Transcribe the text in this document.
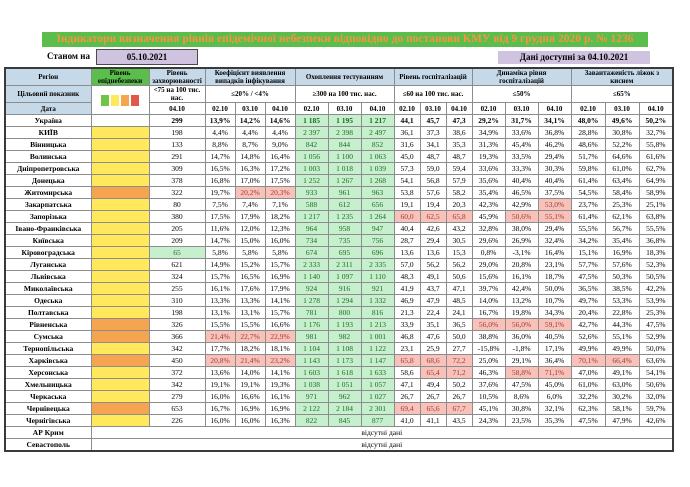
Індикатори визначення рівнів епідемічної небезпеки відповідно до постанови КМУ від 9 грудня 2020 р. № 1236
Станом на	05.10.2021	Дані доступні за 04.10.2021
Регіон	Рівень епіднебезпеки	Рівень захворюваності	Коефіцієнт виявлення випадків інфікування			Охоплення тестуванням			Рівень госпіталізацій			Динаміка рівня госпіталізацій			Завантаженість ліжок з киснем		
Цільовий показник		<75 на 100 тис. нас.	≤20% / <4%			≥300 на 100 тис. нас.			≤60 на 100 тис. нас.			≤50%			≤65%		
Дата		04.10	02.10	03.10	04.10	02.10	03.10	04.10	02.10	03.10	04.10	02.10	03.10	04.10	02.10	03.10	04.10
Україна		299	13,9%	14,2%	14,6%	1 185	1 195	1 217	44,1	45,7	47,3	29,2%	31,7%	34,1%	48,0%	49,6%	50,2%
КИЇВ		198	4,4%	4,4%	4,4%	2 397	2 398	2 497	36,1	37,3	38,6	34,9%	33,6%	36,8%	28,8%	30,8%	32,7%
Вінницька		133	8,8%	8,7%	9,0%	842	844	852	31,6	34,1	35,3	31,3%	45,4%	46,2%	48,6%	52,2%	55,8%
Волинська		291	14,7%	14,8%	16,4%	1 056	1 100	1 063	45,0	48,7	48,7	19,3%	33,5%	29,4%	51,7%	64,6%	61,6%
Дніпропетровська		309	16,5%	16,3%	17,2%	1 003	1 018	1 039	57,3	59,0	59,4	33,6%	33,3%	30,3%	59,8%	61,0%	62,7%
Донецька		378	16,8%	17,0%	17,5%	1 252	1 267	1 268	54,1	56,8	57,9	35,6%	40,4%	40,4%	61,4%	63,4%	64,9%
Житомирська		322	19,7%	20,2%	20,3%	933	961	963	53,8	57,6	58,2	35,4%	46,5%	37,5%	54,5%	58,4%	58,9%
Закарпатська		80	7,5%	7,4%	7,1%	588	612	656	19,1	19,4	20,3	42,3%	42,9%	53,0%	23,7%	25,3%	25,1%
Запорізька		380	17,5%	17,9%	18,2%	1 217	1 235	1 264	60,0	62,5	65,8	45,9%	50,6%	55,1%	61,4%	62,1%	63,8%
Івано-Франківська		205	11,6%	12,0%	12,3%	964	958	947	40,4	42,6	43,2	32,8%	38,0%	29,4%	55,5%	56,7%	55,5%
Київська		209	14,7%	15,0%	16,0%	734	735	756	28,7	29,4	30,5	29,6%	26,9%	32,4%	34,2%	35,4%	36,8%
Кіровоградська		65	5,8%	5,8%	5,8%	674	695	696	13,6	13,6	15,3	0,8%	-3,1%	16,4%	15,1%	16,9%	18,3%
Луганська		621	14,9%	15,2%	15,7%	2 333	2 311	2 335	57,0	56,2	56,2	29,0%	20,8%	23,1%	57,7%	57,6%	52,3%
Львівська		324	15,7%	16,5%	16,9%	1 140	1 097	1 110	48,3	49,1	50,6	15,6%	16,1%	18,7%	47,5%	50,3%	50,5%
Миколаївська		255	16,1%	17,6%	17,9%	924	916	921	41,9	43,7	47,1	39,7%	42,4%	50,0%	36,5%	38,5%	42,2%
Одеська		310	13,3%	13,3%	14,1%	1 278	1 294	1 332	46,9	47,9	48,5	14,0%	13,2%	10,7%	49,7%	53,3%	53,9%
Полтавська		198	13,1%	13,1%	15,7%	781	800	816	21,3	22,4	24,1	16,7%	19,8%	34,3%	20,4%	22,8%	25,3%
Рівненська		326	15,5%	15,5%	16,6%	1 176	1 193	1 213	33,9	35,1	36,5	56,0%	56,0%	59,1%	42,7%	44,3%	47,5%
Сумська		366	21,4%	22,7%	22,9%	981	982	1 001	46,8	47,6	50,0	38,8%	36,0%	40,5%	52,6%	55,1%	52,9%
Тернопільська		342	17,7%	18,2%	18,1%	1 104	1 108	1 122	23,1	25,9	27,7	-15,8%	-1,8%	17,1%	49,9%	49,9%	50,0%
Харківська		450	20,8%	21,4%	23,2%	1 143	1 173	1 147	65,8	68,6	72,2	25,0%	29,1%	36,4%	70,1%	66,4%	63,6%
Херсонська		372	13,6%	14,0%	14,1%	1 603	1 618	1 633	58,6	65,4	71,2	46,3%	58,8%	71,1%	47,0%	49,1%	54,1%
Хмельницька		342	19,1%	19,1%	19,3%	1 038	1 051	1 057	47,1	49,4	50,2	37,6%	47,5%	45,0%	61,0%	63,0%	50,6%
Черкаська		279	16,0%	16,6%	16,1%	971	962	1 027	26,7	26,7	26,7	10,5%	8,6%	6,0%	32,2%	30,2%	32,0%
Чернівецька		653	16,7%	16,9%	16,9%	2 122	2 184	2 301	69,4	65,6	67,7	45,1%	30,8%	32,1%	62,3%	58,1%	59,7%
Чернігівська		226	16,0%	16,0%	16,3%	822	845	877	41,0	41,1	43,5	24,3%	23,5%	35,3%	47,5%	47,9%	42,6%
АР Крим	відсутні дані																
Севастополь	відсутні дані																
